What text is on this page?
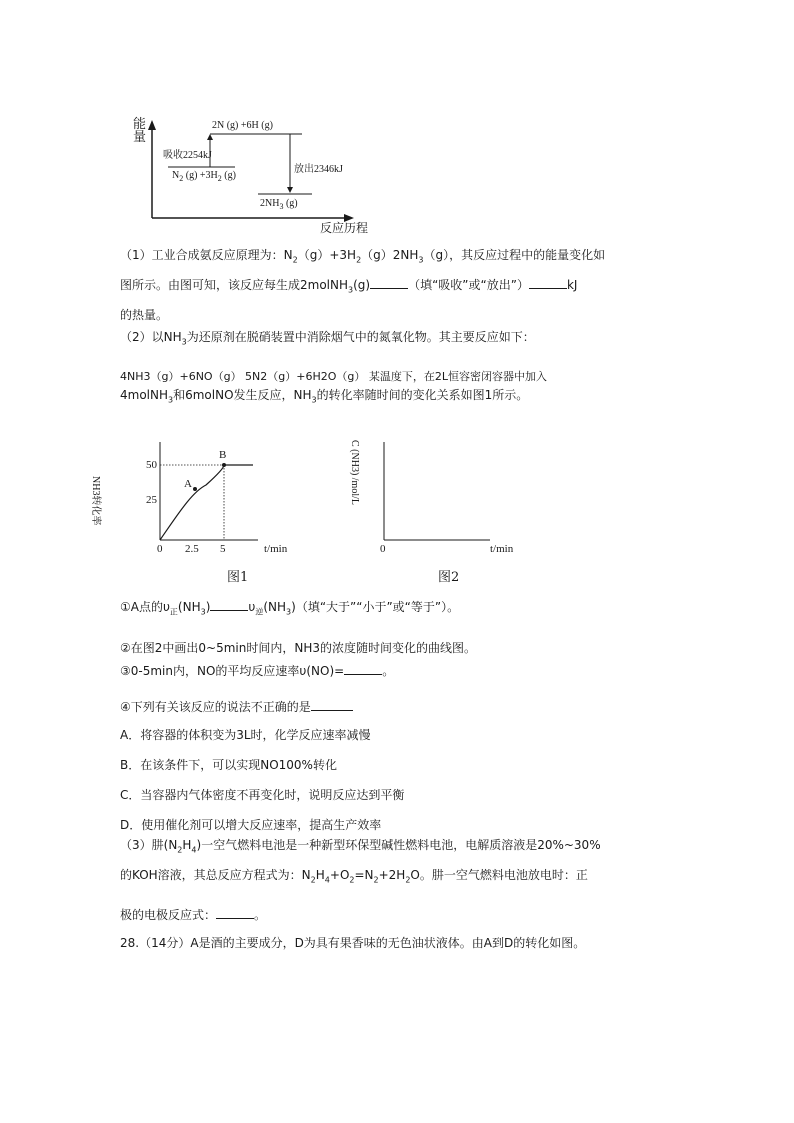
能量
反应历程
2N (g) +6H (g)
吸收2254kJ
放出2346kJ
$N_2$ $(g) +3H_2$ (g)
$2NH_3$ (g)
（1）工业合成氨反应原理为：$N_2(g)+3H_2(g)2NH_3(g)$，其反应过程中的能量变化如
图所示。由图可知，该反应每生成2molNH$_3$(g)	（填“吸收”或“放出”）	kJ
的热量。
（2）以$NH_3$为还原剂在脱硝装置中消除烟气中的氮氧化物。其主要反应如下：
4NH3（g）+6NO（g） 5N2（g）+6H2O（g） 某温度下，在2L恒容密闭容器中加入
4molNH$_3$和6molNO发生反应，$NH_3$的转化率随时间的变化关系如图1所示。
NH3转化率
50
25
0 2.5 5	t/min
A
B
图1
C (NH3) /mol/L
0	t/min
图2
①A点的$\upsilon_正(NH_3)$	$\upsilon_逆(NH_3)$（填“大于”“小于”或“等于”）。
②在图2中画出0~5min时间内，NH3的浓度随时间变化的曲线图。
③0-5min内，NO的平均反应速率υ(NO)=	。
④下列有关该反应的说法不正确的是
A．将容器的体积变为3L时，化学反应速率减慢
B．在该条件下，可以实现NO100%转化
C．当容器内气体密度不再变化时，说明反应达到平衡
D．使用催化剂可以增大反应速率，提高生产效率
（3）肼$(N_2H_4)$一空气燃料电池是一种新型环保型碱性燃料电池，电解质溶液是20%~30%
的KOH溶液，其总反应方程式为：$N_2H_4+O_2=N_2+2H_2O$。肼一空气燃料电池放电时：正
极的电极反应式：	。
28.（14分）A是酒的主要成分，D为具有果香味的无色油状液体。由A到D的转化如图。
